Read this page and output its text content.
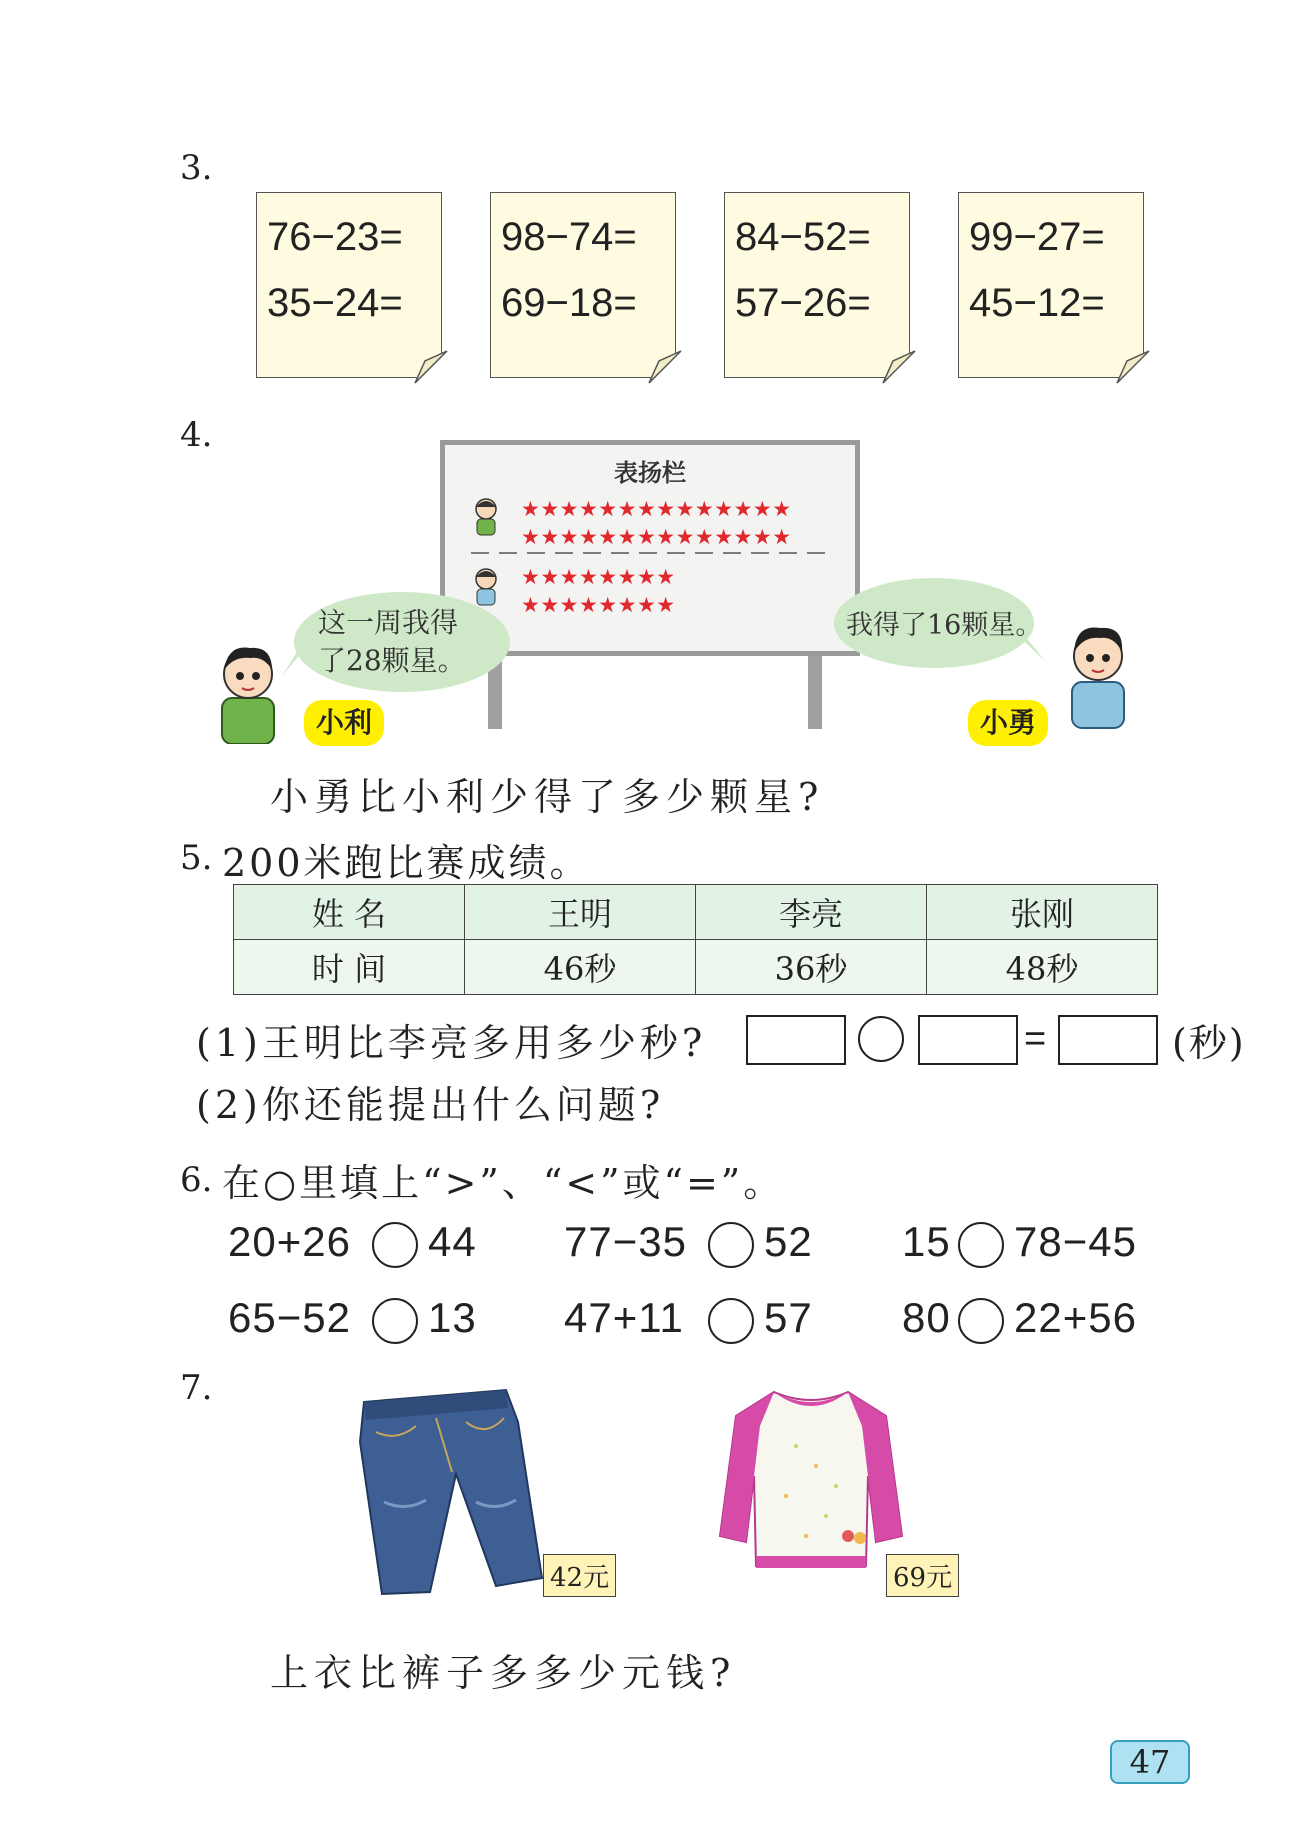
3.
76−23=
35−24=
98−74=
69−18=
84−52=
57−26=
99−27=
45−12=
4.
表扬栏
★★★★★★★★★★★★★★
★★★★★★★★★★★★★★
★★★★★★★★
★★★★★★★★
这一周我得
了28颗星。
我得了16颗星。
小利	小勇
小勇比小利少得了多少颗星?
5. 200米跑比赛成绩。
姓 名	王明	李亮	张刚
时 间	46秒	36秒	48秒
(1)王明比李亮多用多少秒?	=	(秒)
(2)你还能提出什么问题?
6. 在○里填上“>”、“<”或“=”。
20+26 44 77−35 52 15 78−45
65−52 13 47+11 57 80 22+56
7.
42元	69元
上衣比裤子多多少元钱?
47
